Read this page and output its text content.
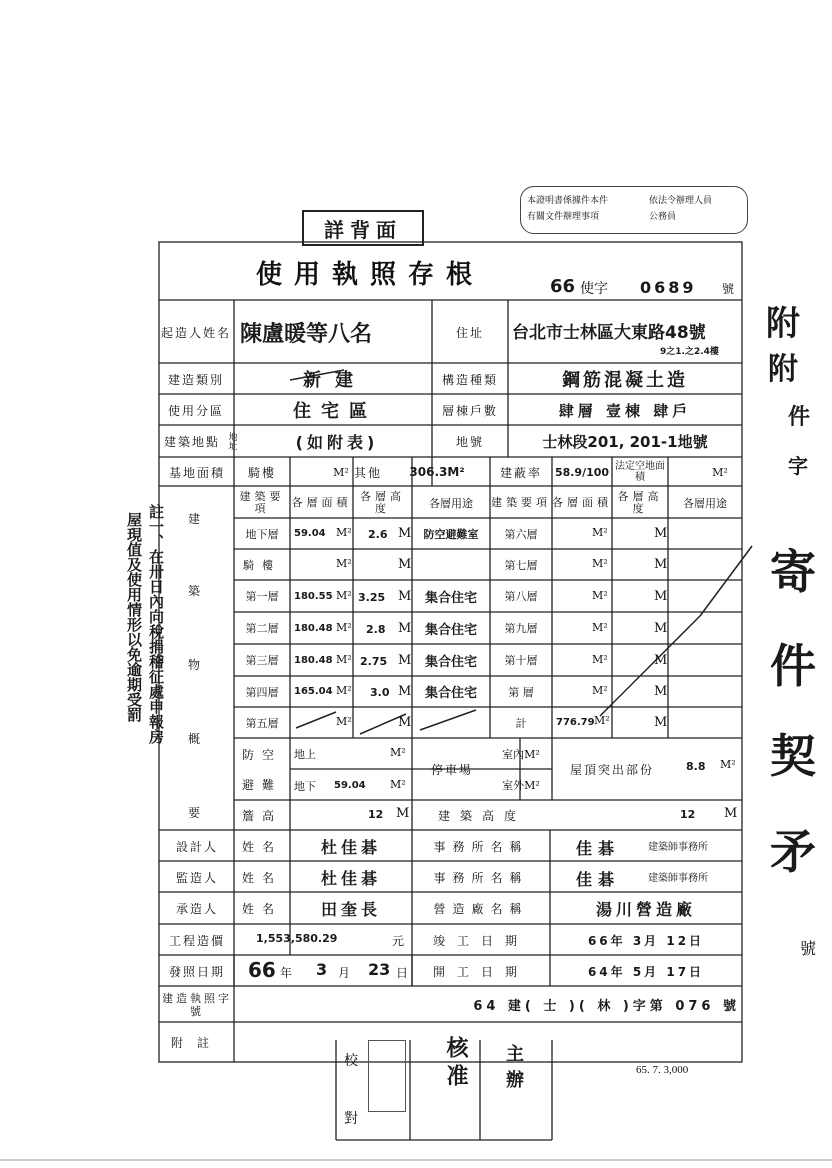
詳背面
本證明書係據件本件
有關文件辦理事項
依法令辦理人員
公務員
使用執照存根	66 使字 0689 號
起造人姓名 陳盧暖等八名	住址	台北市士林區大東路48號
9之1.之2.4樓
建造類別	新建	構造種類	鋼筋混凝土造
使用分區	住宅區	層棟戶數	肆層 壹棟 肆戶
建築地點 地址	(如附表)	地號	士林段201, 201-1地號
基地面積	騎樓	M² 其他	306.3M²	建蔽率	58.9/100 法定空地面積	M²
建築要項	各層面積 各層高度	各層用途	建築要項 各層面積 各層高度	各層用途
建
築
物
概
要
地下層	59.04 M² 2.6 M	防空避難室
騎樓	M²	M
第一層	180.55 M² 3.25 M	集合住宅
第二層	180.48 M² 2.8 M	集合住宅
第三層	180.48 M² 2.75 M	集合住宅
第四層	165.04 M² 3.0 M	集合住宅
第五層	M²	M
第六層	M²	M
第七層	M²	M
第八層	M²	M
第九層	M²	M
第十層	M²	M
第 層	M²	M
計	776.79 M²	M
防空
避難
地上	M²
地下 59.04 M²
停車場
室內M²
室外M²
屋頂突出部份	8.8 M²
簷高	12 M	建築高度	12 M
設計人	姓名	杜佳碁	事務所名稱	佳碁	建築師事務所
監造人	姓名	杜佳碁	事務所名稱	佳碁	建築師事務所
承造人	姓名	田奎長	營造廠名稱	湯川營造廠
工程造價	1,553,580.29	元	竣工日期	66年 3月 12日
發照日期	66 年 3 月 23 日	開工日期	64年 5月 17日
建造執照字號	64 建( 士 )( 林 )字第 076 號
附註
65. 7. 3,000
校
對
核准 主辦
註一、在卅日內向稅捐稽征處申報房
屋現值及使用情形以免逾期受罰
附
附
件
字
寄
件
契
矛
號
